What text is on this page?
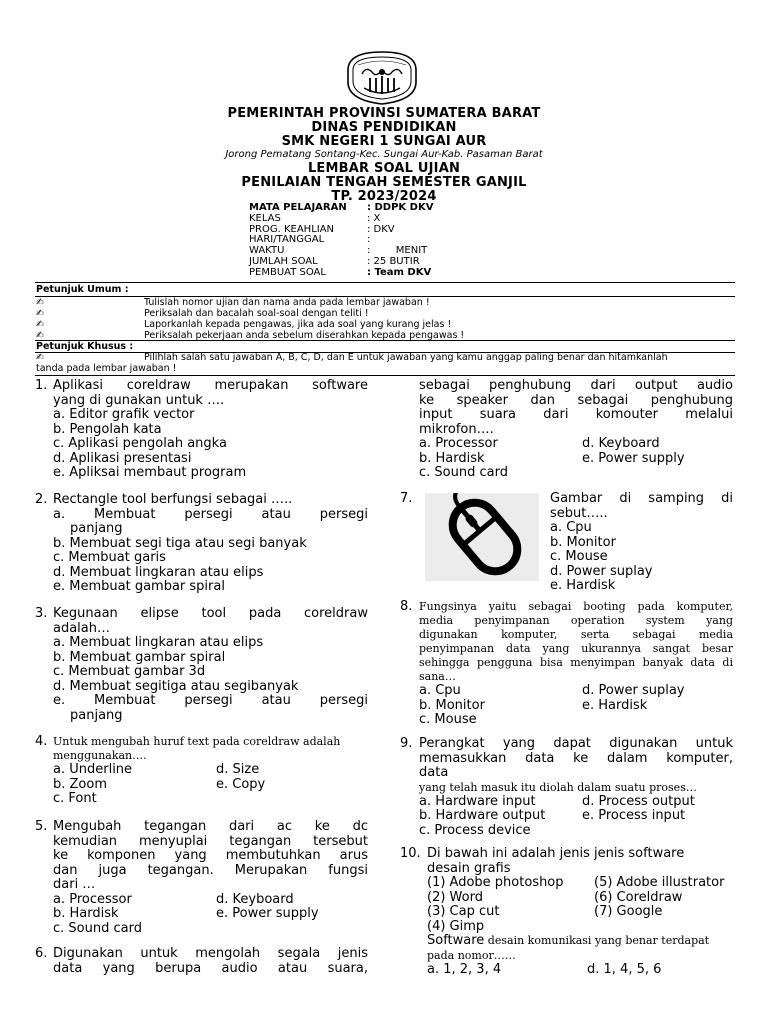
PEMERINTAH PROVINSI SUMATERA BARAT
DINAS PENDIDIKAN
SMK NEGERI 1 SUNGAI AUR
Jorong Pematang Sontang-Kec. Sungai Aur-Kab. Pasaman Barat
LEMBAR SOAL UJIAN
PENILAIAN TENGAH SEMESTER GANJIL
TP. 2023/2024
MATA PELAJARAN	: DDPK DKV
KELAS	: X
PROG. KEAHLIAN	: DKV
HARI/TANGGAL	:
WAKTU	:        MENIT
JUMLAH SOAL	: 25 BUTIR
PEMBUAT SOAL	: Team DKV
Petunjuk Umum :
✍	Tulislah nomor ujian dan nama anda pada lembar jawaban !
✍	Periksalah dan bacalah soal-soal dengan teliti !
✍	Laporkanlah kepada pengawas, jika ada soal yang kurang jelas !
✍	Periksalah pekerjaan anda sebelum diserahkan kepada pengawas !
Petunjuk Khusus :
✍	Pilihlah salah satu jawaban A, B, C, D, dan E untuk jawaban yang kamu anggap paling benar dan hitamkanlah
tanda pada lembar jawaban !
1. Aplikasi coreldraw merupakan software
yang di gunakan untuk ….
a. Editor grafik vector
b. Pengolah kata
c. Aplikasi pengolah angka
d. Aplikasi presentasi
e. Apliksai membaut program
2. Rectangle tool berfungsi sebagai …..
a. Membuat persegi atau persegi
panjang
b. Membuat segi tiga atau segi banyak
c. Membuat garis
d. Membuat lingkaran atau elips
e. Membuat gambar spiral
3. Kegunaan elipse tool pada coreldraw
adalah…
a. Membuat lingkaran atau elips
b. Membuat gambar spiral
c. Membuat gambar 3d
d. Membuat segitiga atau segibanyak
e. Membuat persegi atau persegi
panjang
4. Untuk mengubah huruf text pada coreldraw adalah
menggunakan….
a. Underline	d. Size
b. Zoom	e. Copy
c. Font
5. Mengubah tegangan dari ac ke dc
kemudian menyuplai tegangan tersebut
ke komponen yang membutuhkan arus
dan juga tegangan. Merupakan fungsi
dari …
a. Processor	d. Keyboard
b. Hardisk	e. Power supply
c. Sound card
6. Digunakan untuk mengolah segala jenis
data yang berupa audio atau suara,
sebagai penghubung dari output audio
ke speaker dan sebagai penghubung
input suara dari komouter melalui
mikrofon….
a. Processor	d. Keyboard
b. Hardisk	e. Power supply
c. Sound card
7.	Gambar di samping di
sebut…..
a. Cpu
b. Monitor
c. Mouse
d. Power suplay
e. Hardisk
8. Fungsinya yaitu sebagai booting pada komputer,
media penyimpanan operation system yang
digunakan komputer, serta sebagai media
penyimpanan data yang ukurannya sangat besar
sehingga pengguna bisa menyimpan banyak data di
sana…
a. Cpu	d. Power suplay
b. Monitor	e. Hardisk
c. Mouse
9. Perangkat yang dapat digunakan untuk
memasukkan data ke dalam komputer,
data
yang telah masuk itu diolah dalam suatu proses…
a. Hardware input	d. Process output
b. Hardware output	e. Process input
c. Process device
10. Di bawah ini adalah jenis jenis software
desain grafis
(1) Adobe photoshop	(5) Adobe illustrator
(2) Word	(6) Coreldraw
(3) Cap cut	(7) Google
(4) Gimp
Software desain komunikasi yang benar terdapat
pada nomor……
a. 1, 2, 3, 4	d. 1, 4, 5, 6
